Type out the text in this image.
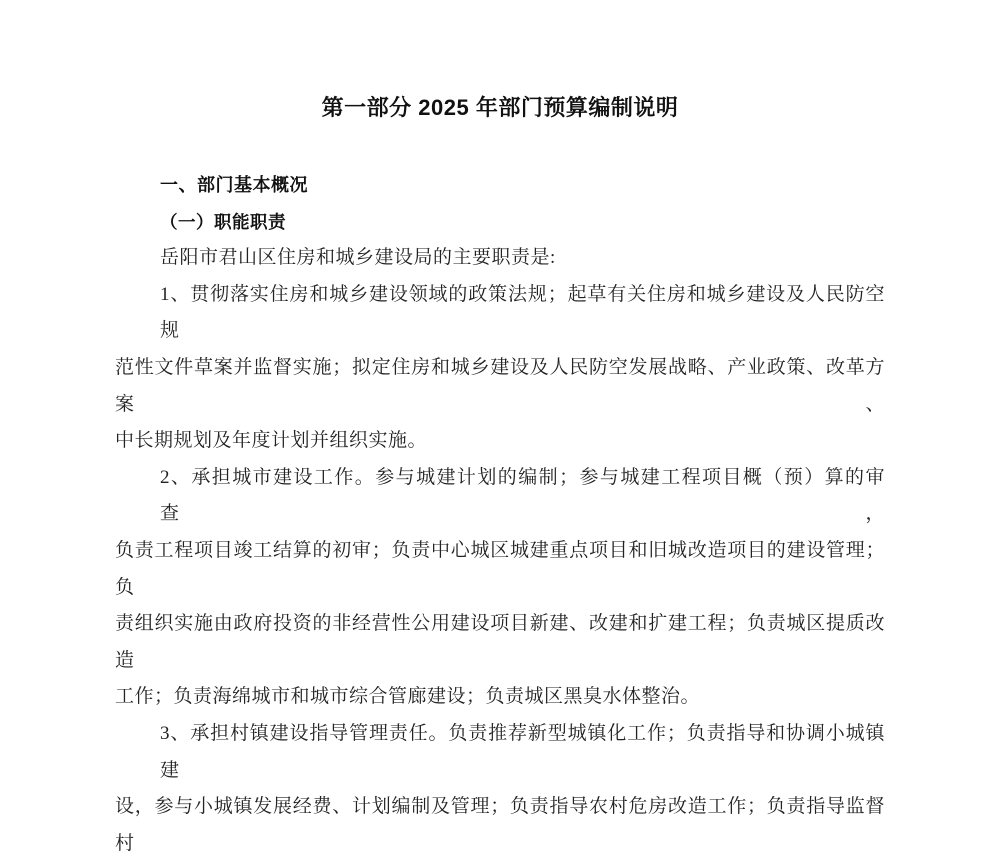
第一部分 2025 年部门预算编制说明
一、部门基本概况
（一）职能职责
岳阳市君山区住房和城乡建设局的主要职责是:
1、贯彻落实住房和城乡建设领域的政策法规；起草有关住房和城乡建设及人民防空规
范性文件草案并监督实施；拟定住房和城乡建设及人民防空发展战略、产业政策、改革方案、
中长期规划及年度计划并组织实施。
2、承担城市建设工作。参与城建计划的编制；参与城建工程项目概（预）算的审查，
负责工程项目竣工结算的初审；负责中心城区城建重点项目和旧城改造项目的建设管理；负
责组织实施由政府投资的非经营性公用建设项目新建、改建和扩建工程；负责城区提质改造
工作；负责海绵城市和城市综合管廊建设；负责城区黑臭水体整治。
3、承担村镇建设指导管理责任。负责推荐新型城镇化工作；负责指导和协调小城镇建
设，参与小城镇发展经费、计划编制及管理；负责指导农村危房改造工作；负责指导监督村
